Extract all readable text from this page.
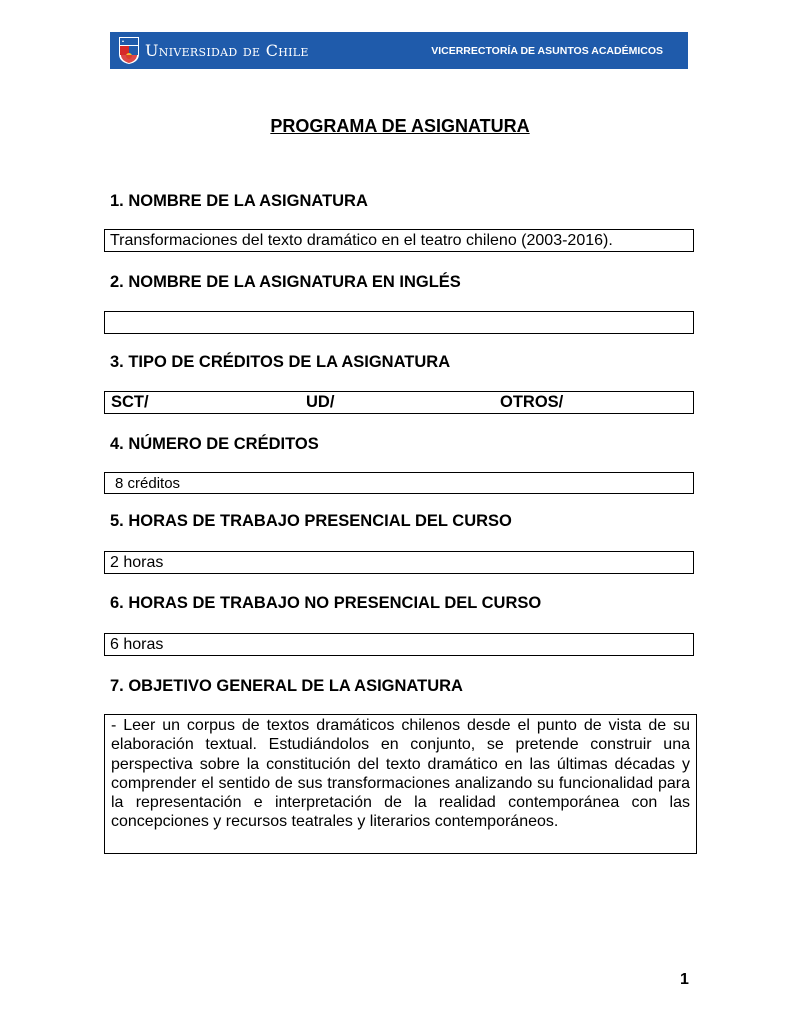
Universidad de Chile	VICERRECTORÍA DE ASUNTOS ACADÉMICOS
PROGRAMA DE ASIGNATURA
1. NOMBRE DE LA ASIGNATURA
Transformaciones del texto dramático en el teatro chileno (2003-2016).
2. NOMBRE DE LA ASIGNATURA EN INGLÉS
3. TIPO DE CRÉDITOS DE LA ASIGNATURA
SCT/	UD/	OTROS/
4. NÚMERO DE CRÉDITOS
8 créditos
5. HORAS DE TRABAJO PRESENCIAL DEL CURSO
2 horas
6. HORAS DE TRABAJO NO PRESENCIAL DEL CURSO
6 horas
7. OBJETIVO GENERAL DE LA ASIGNATURA
- Leer un corpus de textos dramáticos chilenos desde el punto de vista de su elaboración textual. Estudiándolos en conjunto, se pretende construir una perspectiva sobre la constitución del texto dramático en las últimas décadas y comprender el sentido de sus transformaciones analizando su funcionalidad para la representación e interpretación de la realidad contemporánea con las concepciones y recursos teatrales y literarios contemporáneos.
1
